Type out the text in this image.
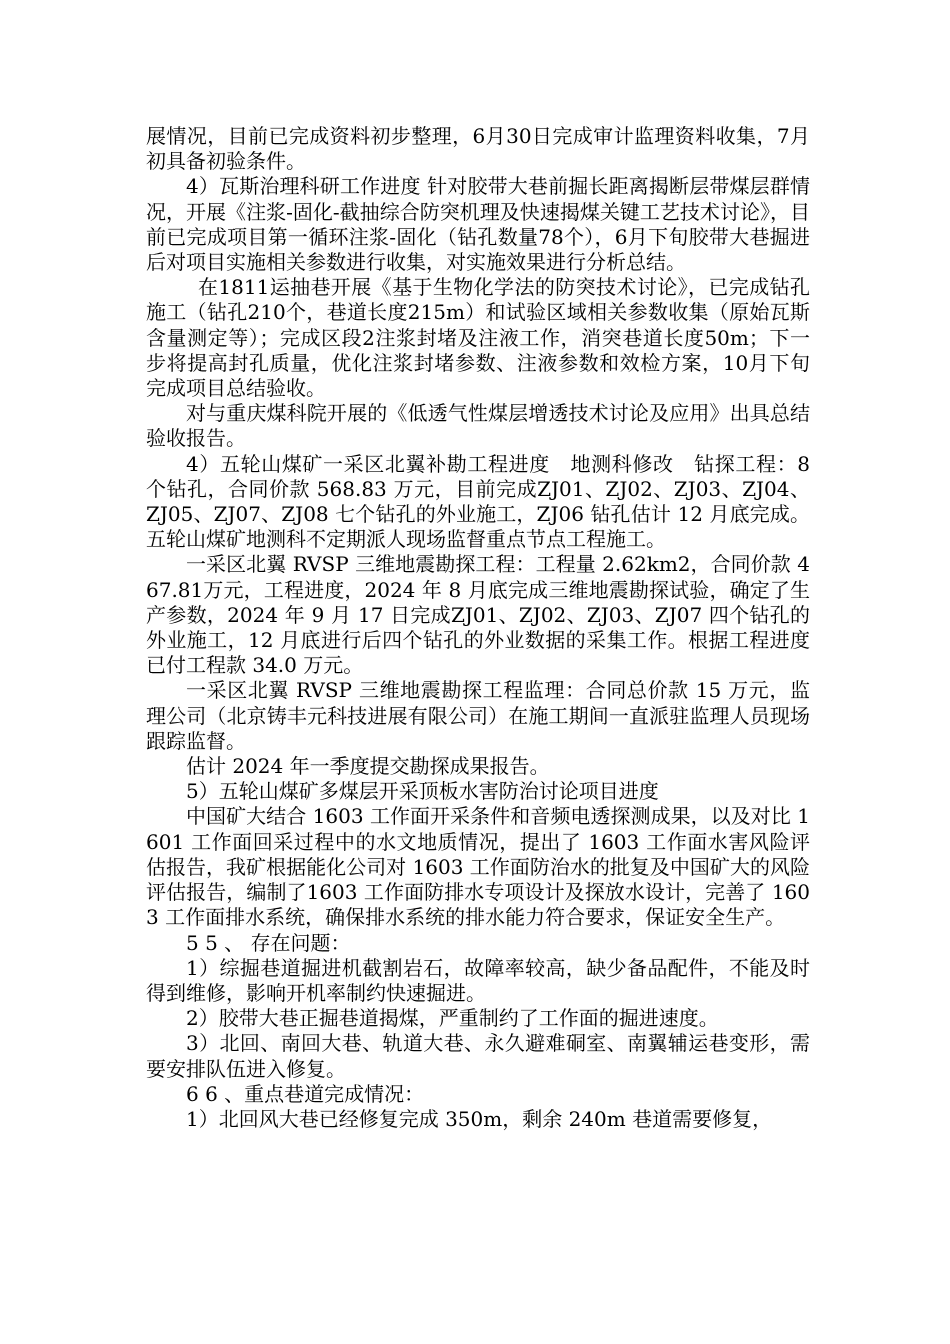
展情况，目前已完成资料初步整理，6月30日完成审计监理资料收集，7月初具备初验条件。

4）瓦斯治理科研工作进度 针对胶带大巷前掘长距离揭断层带煤层群情况，开展《注浆-固化-截抽综合防突机理及快速揭煤关键工艺技术讨论》，目前已完成项目第一循环注浆-固化（钻孔数量78个），6月下旬胶带大巷掘进后对项目实施相关参数进行收集，对实施效果进行分析总结。

在1811运抽巷开展《基于生物化学法的防突技术讨论》，已完成钻孔施工（钻孔210个，巷道长度215m）和试验区域相关参数收集（原始瓦斯含量测定等）；完成区段2注浆封堵及注液工作，消突巷道长度50m；下一步将提高封孔质量，优化注浆封堵参数、注液参数和效检方案，10月下旬完成项目总结验收。

对与重庆煤科院开展的《低透气性煤层增透技术讨论及应用》出具总结验收报告。

4）五轮山煤矿一采区北翼补勘工程进度　地测科修改　钻探工程：8 个钻孔，合同价款 568.83 万元，目前完成ZJ01、ZJ02、ZJ03、ZJ04、ZJ05、ZJ07、ZJ08 七个钻孔的外业施工，ZJ06 钻孔估计 12 月底完成。五轮山煤矿地测科不定期派人现场监督重点节点工程施工。

一采区北翼 RVSP 三维地震勘探工程：工程量 2.62km2，合同价款 467.81万元，工程进度，2024 年 8 月底完成三维地震勘探试验，确定了生产参数，2024 年 9 月 17 日完成ZJ01、ZJ02、ZJ03、ZJ07 四个钻孔的外业施工，12 月底进行后四个钻孔的外业数据的采集工作。根据工程进度已付工程款 34.0 万元。

一采区北翼 RVSP 三维地震勘探工程监理：合同总价款 15 万元，监理公司（北京铸丰元科技进展有限公司）在施工期间一直派驻监理人员现场跟踪监督。

估计 2024 年一季度提交勘探成果报告。

5）五轮山煤矿多煤层开采顶板水害防治讨论项目进度

中国矿大结合 1603 工作面开采条件和音频电透探测成果，以及对比 1601 工作面回采过程中的水文地质情况，提出了 1603 工作面水害风险评估报告，我矿根据能化公司对 1603 工作面防治水的批复及中国矿大的风险评估报告，编制了1603 工作面防排水专项设计及探放水设计，完善了 1603 工作面排水系统，确保排水系统的排水能力符合要求，保证安全生产。

5 5 、 存在问题：

1）综掘巷道掘进机截割岩石，故障率较高，缺少备品配件，不能及时得到维修，影响开机率制约快速掘进。

2）胶带大巷正掘巷道揭煤，严重制约了工作面的掘进速度。

3）北回、南回大巷、轨道大巷、永久避难硐室、南翼辅运巷变形，需要安排队伍进入修复。

6 6 、重点巷道完成情况：

1）北回风大巷已经修复完成 350m，剩余 240m 巷道需要修复，
